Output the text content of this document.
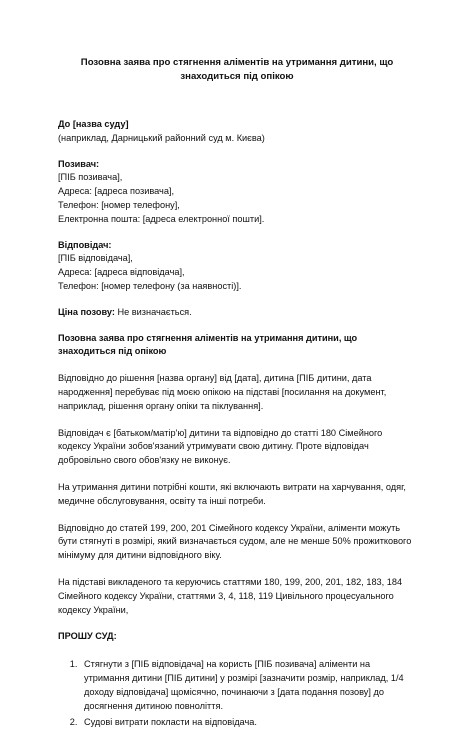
Позовна заява про стягнення аліментів на утримання дитини, що знаходиться під опікою

До [назва суду]

(наприклад, Дарницький районний суд м. Києва)

Позивач:

[ПІБ позивача],

Адреса: [адреса позивача],

Телефон: [номер телефону],

Електронна пошта: [адреса електронної пошти].

Відповідач:

[ПІБ відповідача],

Адреса: [адреса відповідача],

Телефон: [номер телефону (за наявності)].

Ціна позову: Не визначається.

Позовна заява про стягнення аліментів на утримання дитини, що знаходиться під опікою

Відповідно до рішення [назва органу] від [дата], дитина [ПІБ дитини, дата народження] перебуває під моєю опікою на підставі [посилання на документ, наприклад, рішення органу опіки та піклування].

Відповідач є [батьком/матір'ю] дитини та відповідно до статті 180 Сімейного кодексу України зобов'язаний утримувати свою дитину. Проте відповідач добровільно свого обов'язку не виконує.

На утримання дитини потрібні кошти, які включають витрати на харчування, одяг, медичне обслуговування, освіту та інші потреби.

Відповідно до статей 199, 200, 201 Сімейного кодексу України, аліменти можуть бути стягнуті в розмірі, який визначається судом, але не менше 50% прожиткового мінімуму для дитини відповідного віку.

На підставі викладеного та керуючись статтями 180, 199, 200, 201, 182, 183, 184 Сімейного кодексу України, статтями 3, 4, 118, 119 Цивільного процесуального кодексу України,

ПРОШУ СУД:

1. Стягнути з [ПІБ відповідача] на користь [ПІБ позивача] аліменти на утримання дитини [ПІБ дитини] у розмірі [зазначити розмір, наприклад, 1/4 доходу відповідача] щомісячно, починаючи з [дата подання позову] до досягнення дитиною повноліття.
2. Судові витрати покласти на відповідача.
